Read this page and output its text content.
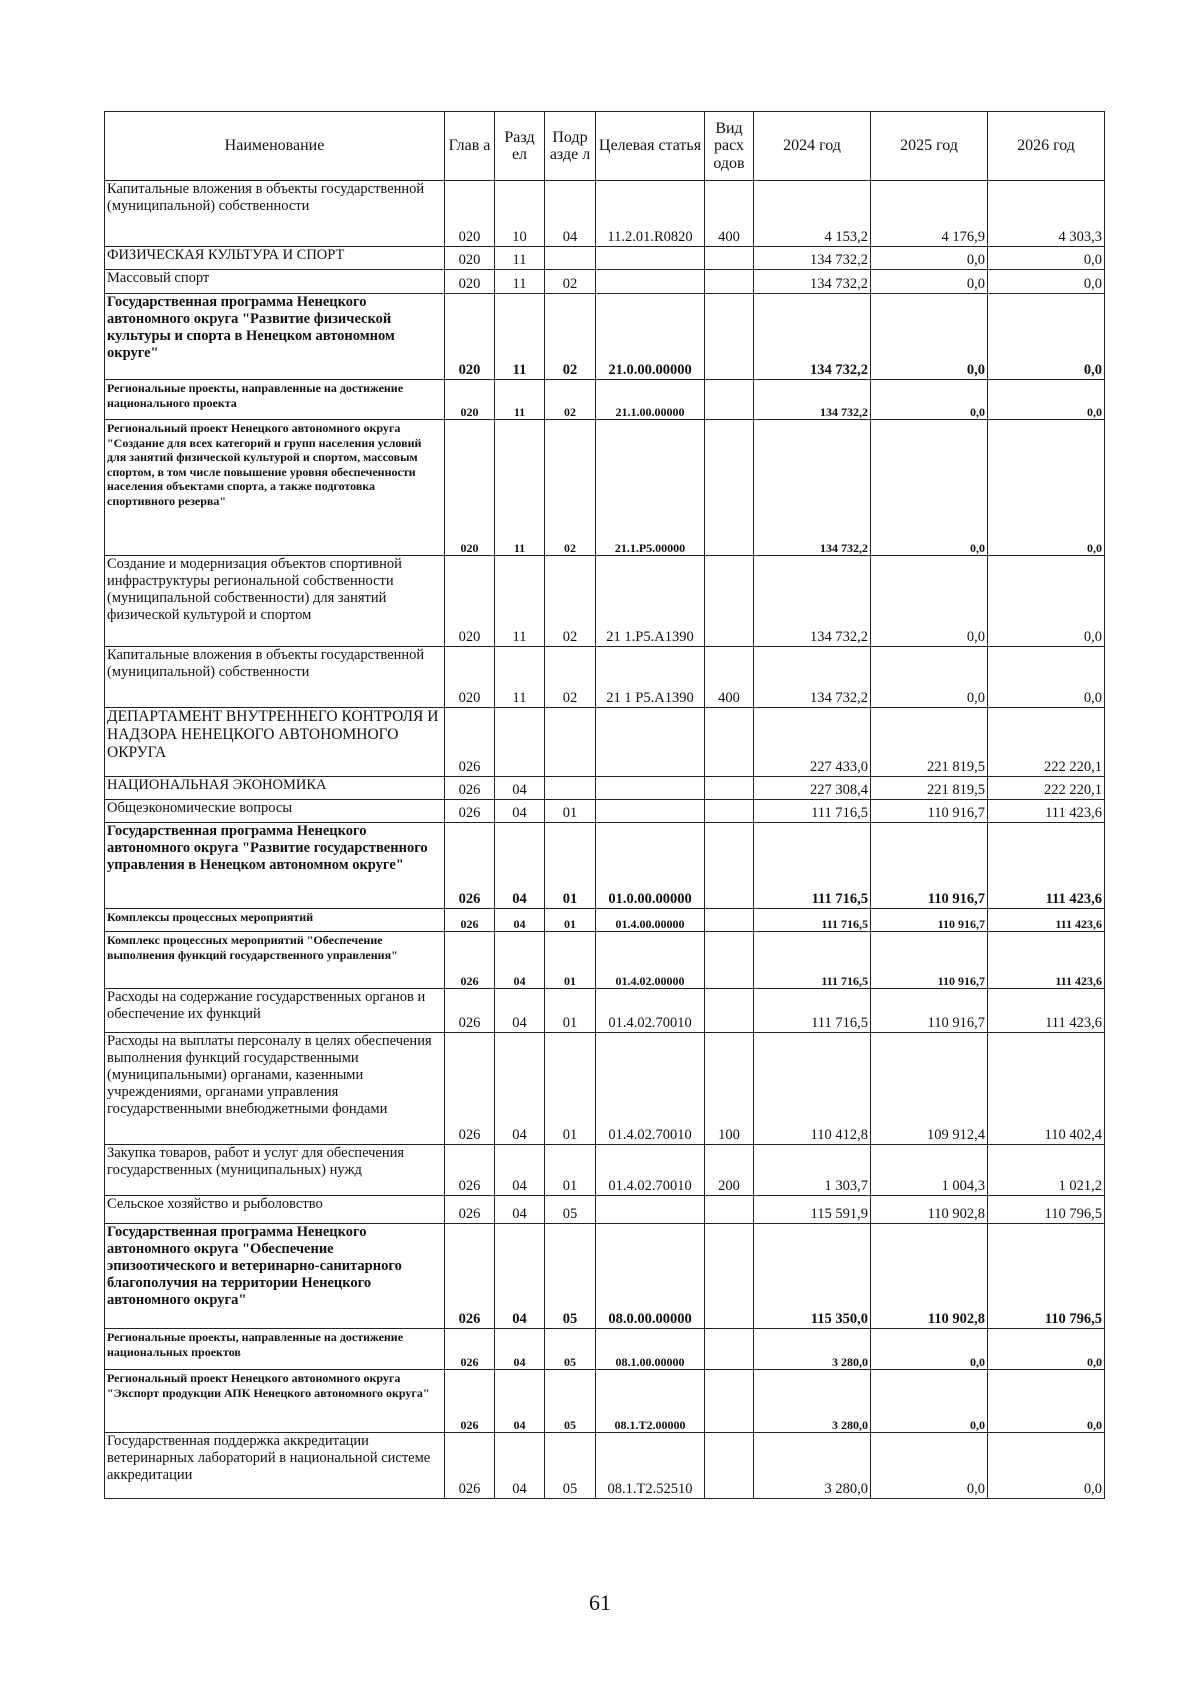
Наименование	Глав а	Разд ел	Подр азде л	Целевая статья	Вид расх одов	2024 год	2025 год	2026 год
Капитальные вложения в объекты государственной (муниципальной) собственности	020	10	04	11.2.01.R0820	400	4 153,2	4 176,9	4 303,3
ФИЗИЧЕСКАЯ КУЛЬТУРА И СПОРТ	020	11				134 732,2	0,0	0,0
Массовый спорт	020	11	02			134 732,2	0,0	0,0
Государственная программа Ненецкого автономного округа "Развитие физической культуры и спорта в Ненецком автономном округе"	020	11	02	21.0.00.00000		134 732,2	0,0	0,0
Региональные проекты, направленные на достижение национального проекта	020	11	02	21.1.00.00000		134 732,2	0,0	0,0
Региональный проект Ненецкого автономного округа "Создание для всех категорий и групп населения условий для занятий физической культурой и спортом, массовым спортом, в том числе повышение уровня обеспеченности населения объектами спорта, а также подготовка спортивного резерва"	020	11	02	21.1.P5.00000		134 732,2	0,0	0,0
Создание и модернизация объектов спортивной инфраструктуры региональной собственности (муниципальной собственности) для занятий физической культурой и спортом	020	11	02	21 1.P5.A1390		134 732,2	0,0	0,0
Капитальные вложения в объекты государственной (муниципальной) собственности	020	11	02	21 1 P5.A1390	400	134 732,2	0,0	0,0
ДЕПАРТАМЕНТ ВНУТРЕННЕГО КОНТРОЛЯ И НАДЗОРА НЕНЕЦКОГО АВТОНОМНОГО ОКРУГА	026					227 433,0	221 819,5	222 220,1
НАЦИОНАЛЬНАЯ ЭКОНОМИКА	026	04				227 308,4	221 819,5	222 220,1
Общеэкономические вопросы	026	04	01			111 716,5	110 916,7	111 423,6
Государственная программа Ненецкого автономного округа "Развитие государственного управления в Ненецком автономном округе"	026	04	01	01.0.00.00000		111 716,5	110 916,7	111 423,6
Комплексы процессных мероприятий	026	04	01	01.4.00.00000		111 716,5	110 916,7	111 423,6
Комплекс процессных мероприятий "Обеспечение выполнения функций государственного управления"	026	04	01	01.4.02.00000		111 716,5	110 916,7	111 423,6
Расходы на содержание государственных органов и обеспечение их функций	026	04	01	01.4.02.70010		111 716,5	110 916,7	111 423,6
Расходы на выплаты персоналу в целях обеспечения выполнения функций государственными (муниципальными) органами, казенными учреждениями, органами управления государственными внебюджетными фондами	026	04	01	01.4.02.70010	100	110 412,8	109 912,4	110 402,4
Закупка товаров, работ и услуг для обеспечения государственных (муниципальных) нужд	026	04	01	01.4.02.70010	200	1 303,7	1 004,3	1 021,2
Сельское хозяйство и рыболовство	026	04	05			115 591,9	110 902,8	110 796,5
Государственная программа Ненецкого автономного округа "Обеспечение эпизоотического и ветеринарно-санитарного благополучия на территории Ненецкого автономного округа"	026	04	05	08.0.00.00000		115 350,0	110 902,8	110 796,5
Региональные проекты, направленные на достижение национальных проектов	026	04	05	08.1.00.00000		3 280,0	0,0	0,0
Региональный проект Ненецкого автономного округа "Экспорт продукции АПК Ненецкого автономного округа"	026	04	05	08.1.T2.00000		3 280,0	0,0	0,0
Государственная поддержка аккредитации ветеринарных лабораторий в национальной системе аккредитации	026	04	05	08.1.T2.52510		3 280,0	0,0	0,0
61
